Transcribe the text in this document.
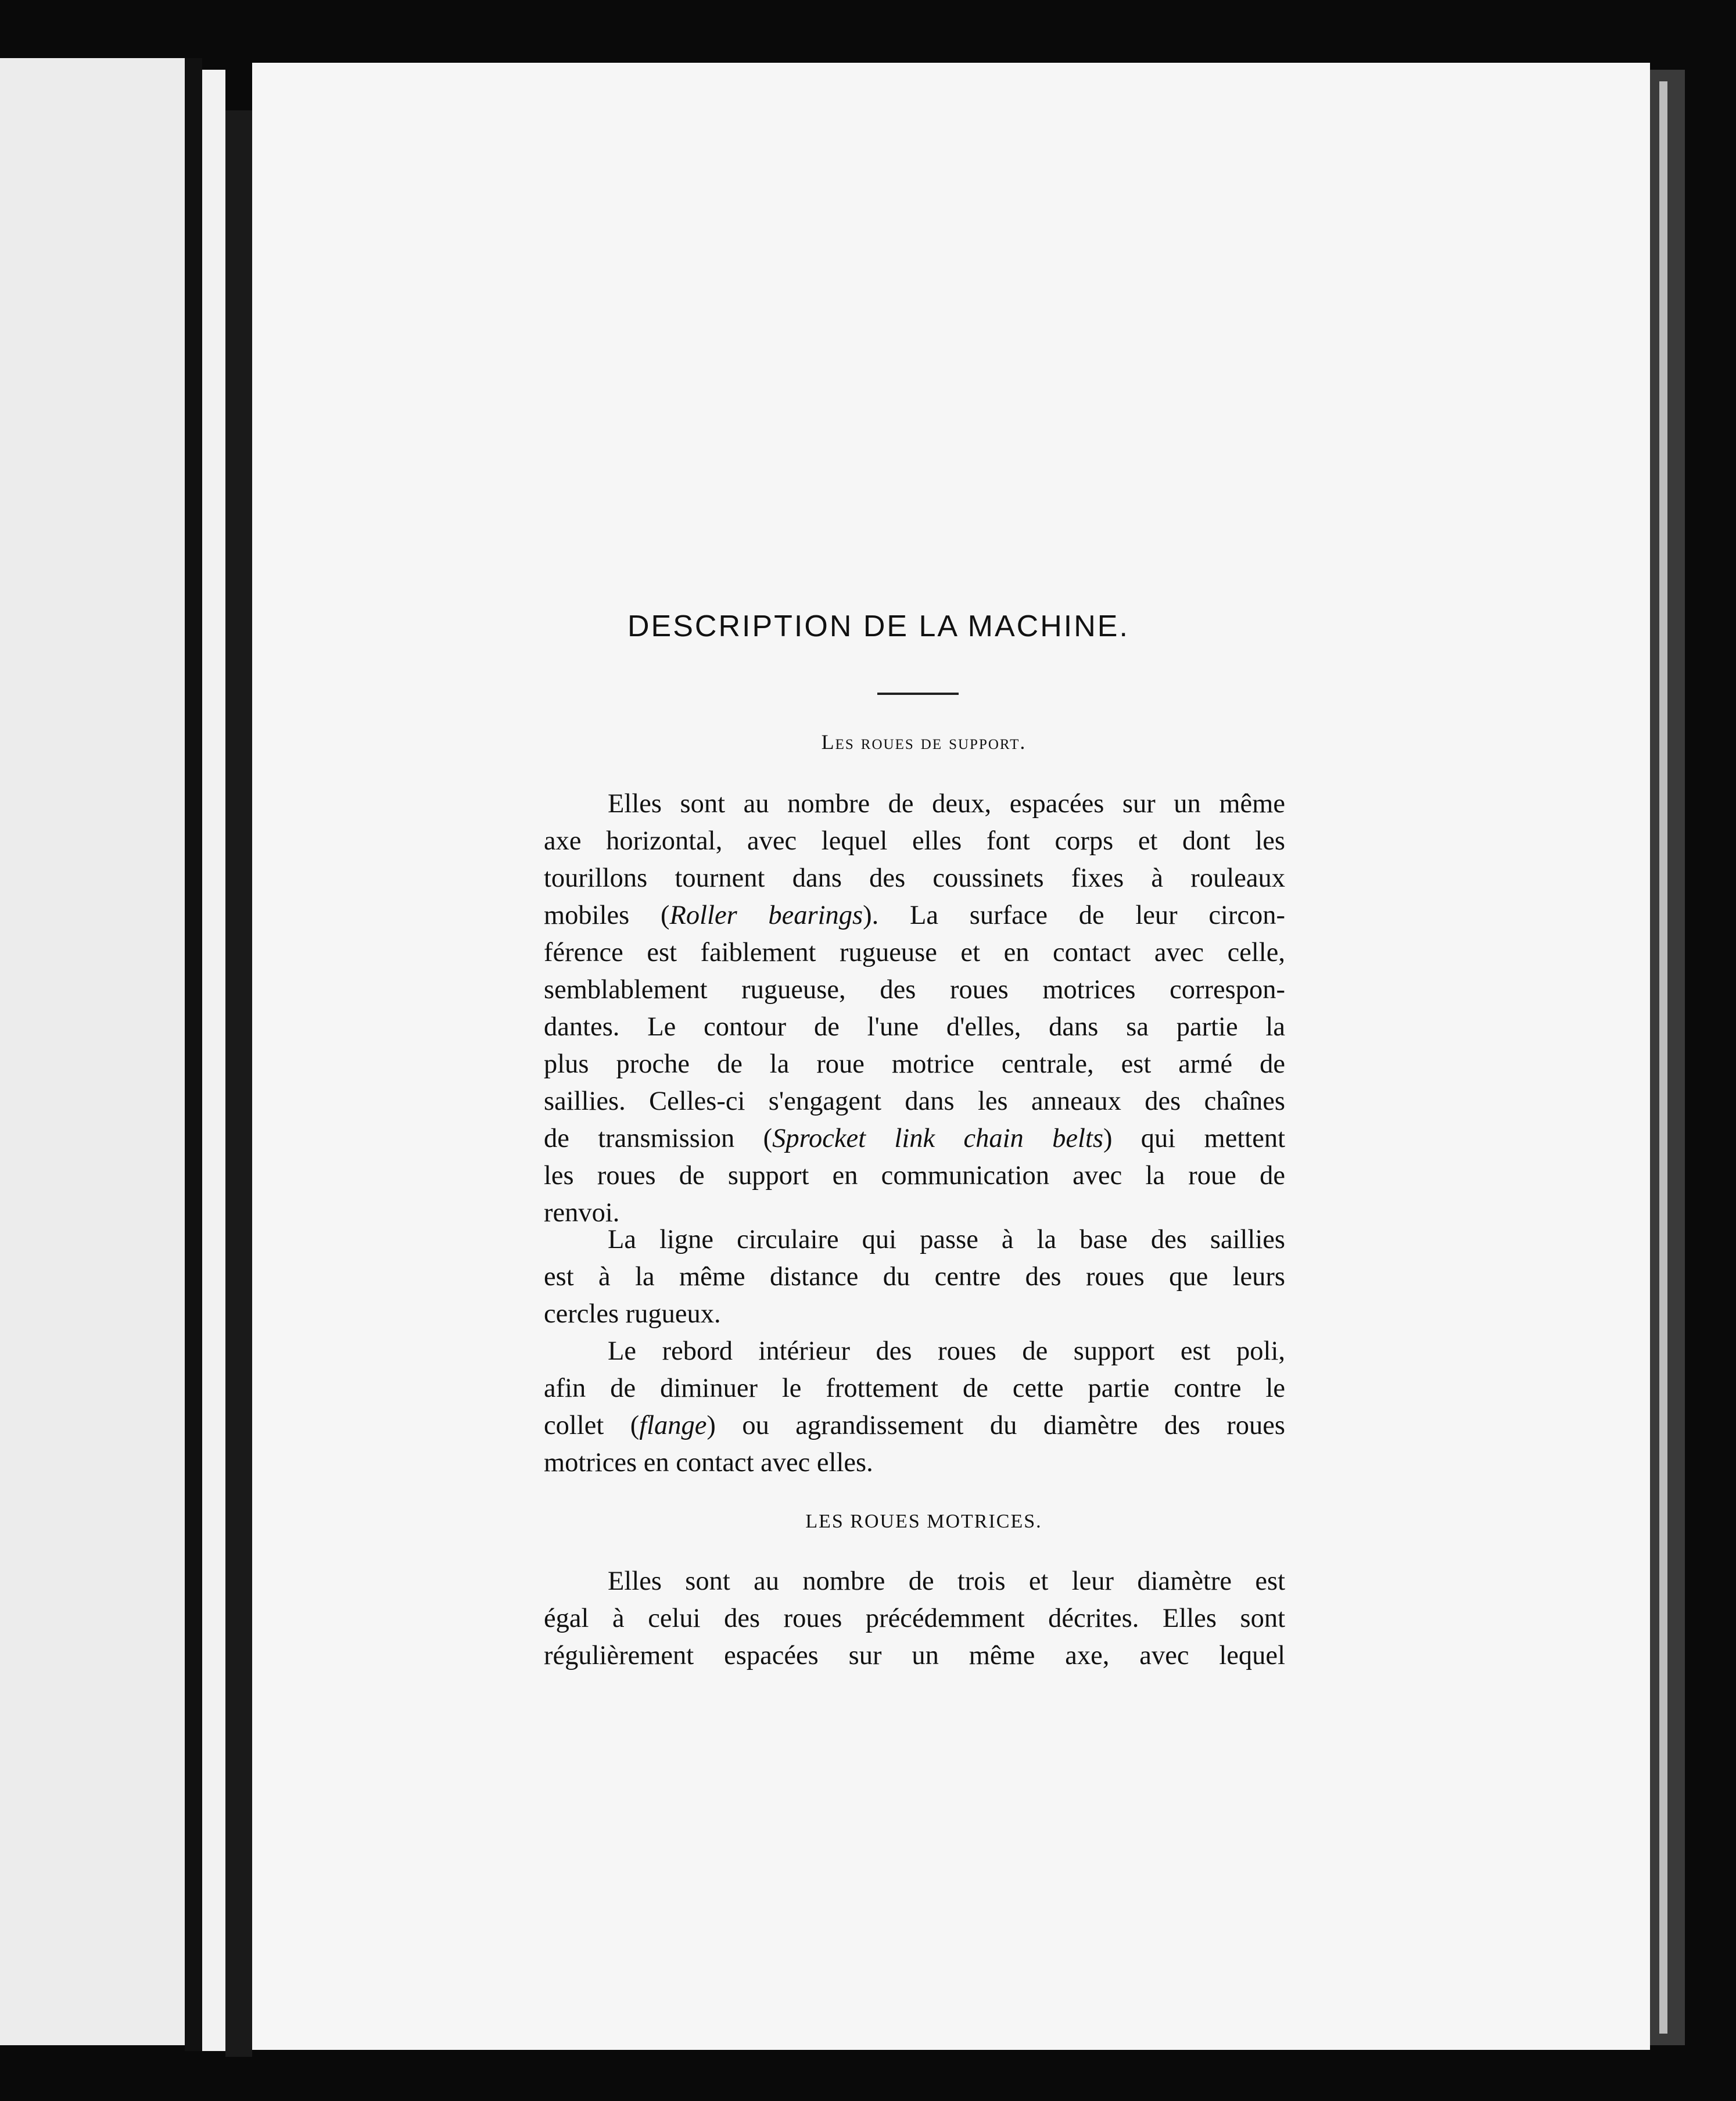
DESCRIPTION DE LA MACHINE.
Les roues de support.
Elles sont au nombre de deux, espacées sur un même
axe horizontal, avec lequel elles font corps et dont les
tourillons tournent dans des coussinets fixes à rouleaux
mobiles (Roller bearings). La surface de leur circon-
férence est faiblement rugueuse et en contact avec celle,
semblablement rugueuse, des roues motrices correspon-
dantes. Le contour de l'une d'elles, dans sa partie la
plus proche de la roue motrice centrale, est armé de
saillies. Celles-ci s'engagent dans les anneaux des chaînes
de transmission (Sprocket link chain belts) qui mettent
les roues de support en communication avec la roue de
renvoi.
La ligne circulaire qui passe à la base des saillies
est à la même distance du centre des roues que leurs
cercles rugueux.
Le rebord intérieur des roues de support est poli,
afin de diminuer le frottement de cette partie contre le
collet (flange) ou agrandissement du diamètre des roues
motrices en contact avec elles.
LES ROUES MOTRICES.
Elles sont au nombre de trois et leur diamètre est
égal à celui des roues précédemment décrites. Elles sont
régulièrement espacées sur un même axe, avec lequel
